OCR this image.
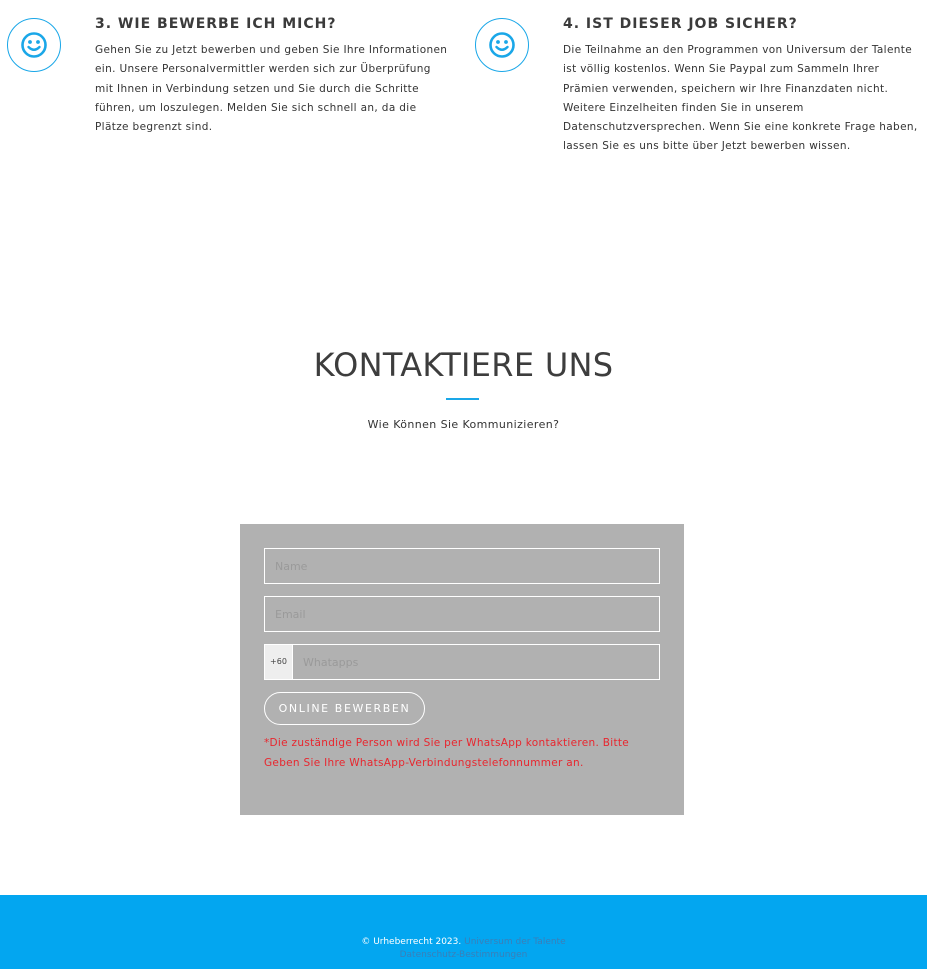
3. WIE BEWERBE ICH MICH?

Gehen Sie zu Jetzt bewerben und geben Sie Ihre Informationen
ein. Unsere Personalvermittler werden sich zur Überprüfung
mit Ihnen in Verbindung setzen und Sie durch die Schritte
führen, um loszulegen. Melden Sie sich schnell an, da die
Plätze begrenzt sind.

4. IST DIESER JOB SICHER?

Die Teilnahme an den Programmen von Universum der Talente
ist völlig kostenlos. Wenn Sie Paypal zum Sammeln Ihrer
Prämien verwenden, speichern wir Ihre Finanzdaten nicht.
Weitere Einzelheiten finden Sie in unserem
Datenschutzversprechen. Wenn Sie eine konkrete Frage haben,
lassen Sie es uns bitte über Jetzt bewerben wissen.

KONTAKTIERE UNS

Wie Können Sie Kommunizieren?

Name
Email
+60
Whatapps
ONLINE BEWERBEN

*Die zuständige Person wird Sie per WhatsApp kontaktieren. Bitte
Geben Sie Ihre WhatsApp-Verbindungstelefonnummer an.

© Urheberrecht 2023. Universum der Talente

Datenschutz-Bestimmungen
